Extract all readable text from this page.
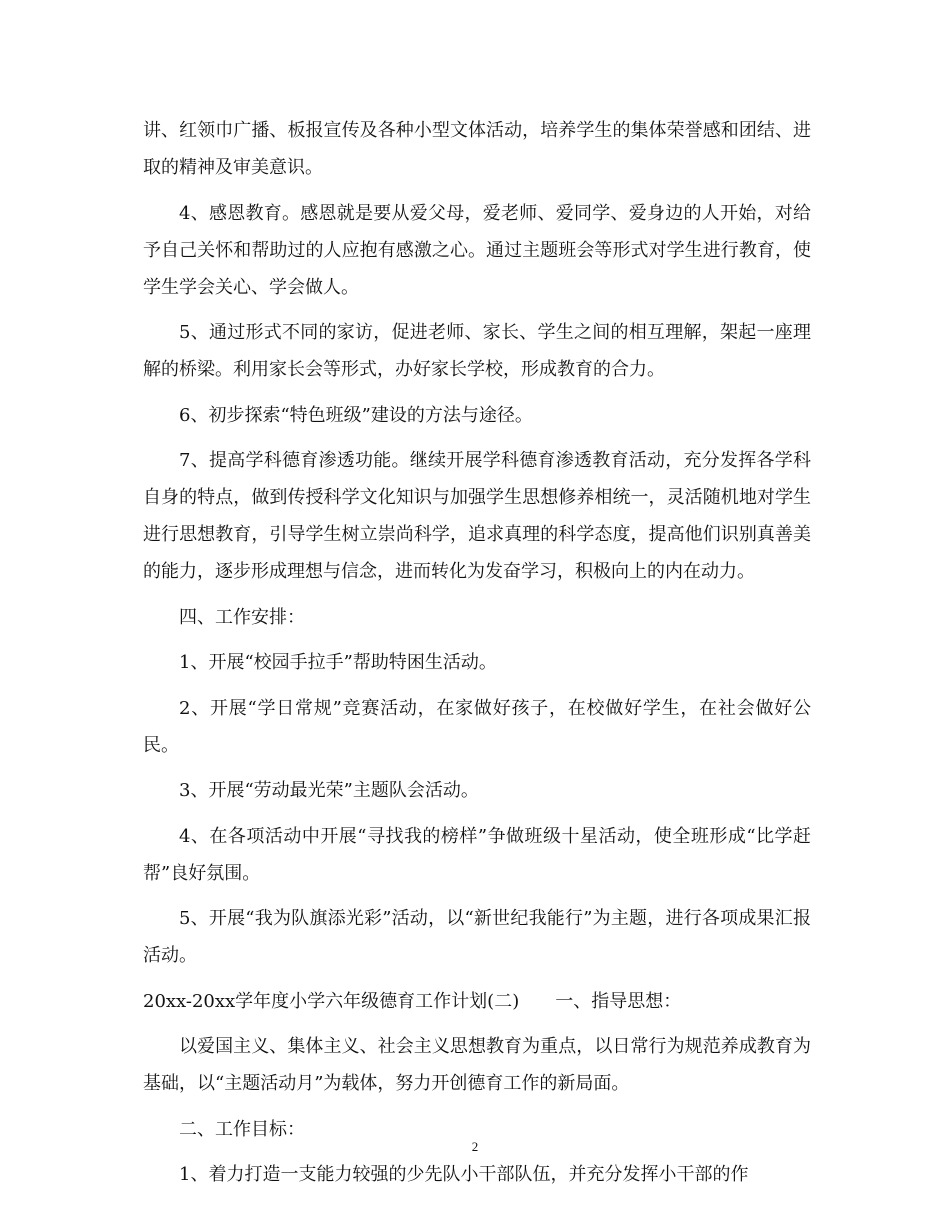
讲、红领巾广播、板报宣传及各种小型文体活动，培养学生的集体荣誉感和团结、进取的精神及审美意识。

4、感恩教育。感恩就是要从爱父母，爱老师、爱同学、爱身边的人开始，对给予自己关怀和帮助过的人应抱有感激之心。通过主题班会等形式对学生进行教育，使学生学会关心、学会做人。

5、通过形式不同的家访，促进老师、家长、学生之间的相互理解，架起一座理解的桥梁。利用家长会等形式，办好家长学校，形成教育的合力。

6、初步探索“特色班级”建设的方法与途径。

7、提高学科德育渗透功能。继续开展学科德育渗透教育活动，充分发挥各学科自身的特点，做到传授科学文化知识与加强学生思想修养相统一，灵活随机地对学生进行思想教育，引导学生树立崇尚科学，追求真理的科学态度，提高他们识别真善美的能力，逐步形成理想与信念，进而转化为发奋学习，积极向上的内在动力。

四、工作安排：

1、开展“校园手拉手”帮助特困生活动。

2、开展“学日常规”竞赛活动，在家做好孩子，在校做好学生，在社会做好公民。

3、开展“劳动最光荣”主题队会活动。

4、在各项活动中开展“寻找我的榜样”争做班级十星活动，使全班形成“比学赶帮”良好氛围。

5、开展“我为队旗添光彩”活动，以“新世纪我能行”为主题，进行各项成果汇报活动。

20xx-20xx学年度小学六年级德育工作计划(二)　　一、指导思想：

以爱国主义、集体主义、社会主义思想教育为重点，以日常行为规范养成教育为基础，以“主题活动月”为载体，努力开创德育工作的新局面。

二、工作目标：

1、着力打造一支能力较强的少先队小干部队伍，并充分发挥小干部的作

2
